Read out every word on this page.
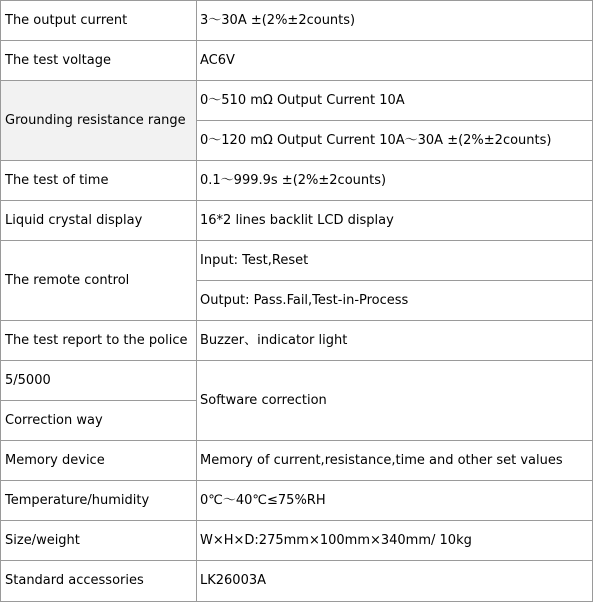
The output current	3～30A ±(2%±2counts)
The test voltage	AC6V
Grounding resistance range	0～510 mΩ Output Current 10A
	0～120 mΩ Output Current 10A～30A ±(2%±2counts)
The test of time	0.1～999.9s ±(2%±2counts)
Liquid crystal display	16*2 lines backlit LCD display
The remote control	Input: Test,Reset
	Output: Pass.Fail,Test-in-Process
The test report to the police	Buzzer、indicator light
5/5000	Software correction
Correction way	
Memory device	Memory of current,resistance,time and other set values
Temperature/humidity	0℃～40℃≤75%RH
Size/weight	W×H×D:275mm×100mm×340mm/ 10kg
Standard accessories	LK26003A
